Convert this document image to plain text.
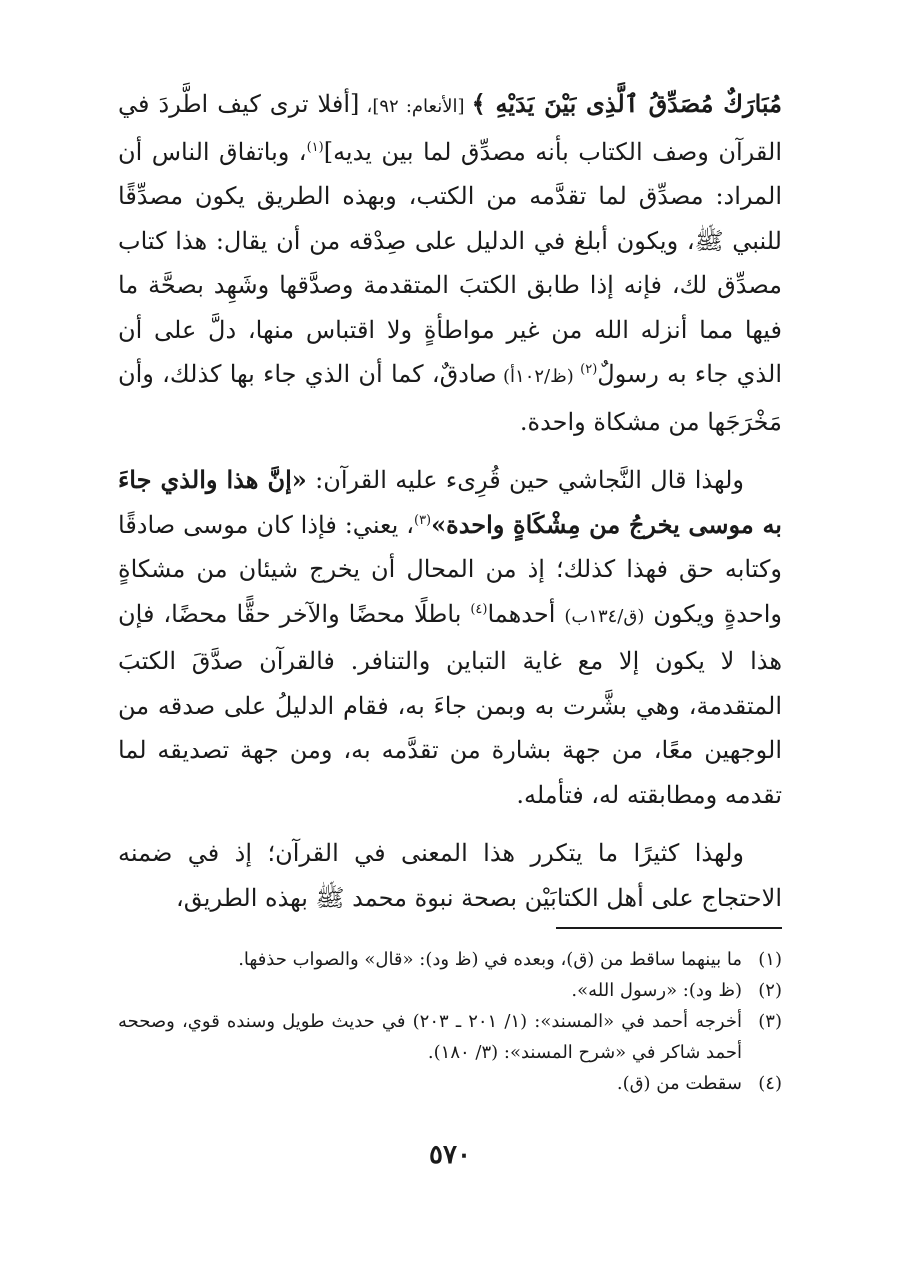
مُبَارَكٌ مُصَدِّقُ ٱلَّذِى بَيْنَ يَدَيْهِ ﴾ [الأنعام: ٩٢]، [أفلا ترى كيف اطَّردَ في القرآن وصف الكتاب بأنه مصدِّق لما بين يديه]$^{(١)}$، وباتفاق الناس أن المراد: مصدِّق لما تقدَّمه من الكتب، وبهذه الطريق يكون مصدِّقًا للنبي ﷺ، ويكون أبلغ في الدليل على صِدْقه من أن يقال: هذا كتاب مصدِّق لك، فإنه إذا طابق الكتبَ المتقدمة وصدَّقها وشَهِد بصحَّة ما فيها مما أنزله الله من غير مواطأةٍ ولا اقتباس منها، دلَّ على أن الذي جاء به رسولٌ$^{(٢)}$ (ظ/١٠٢أ) صادقٌ، كما أن الذي جاء بها كذلك، وأن مَخْرَجَها من مشكاة واحدة.

ولهذا قال النَّجاشي حين قُرِىء عليه القرآن: «إنَّ هذا والذي جاءَ به موسى يخرجُ من مِشْكَاةٍ واحدة»$^{(٣)}$، يعني: فإذا كان موسى صادقًا وكتابه حق فهذا كذلك؛ إذ من المحال أن يخرج شيئان من مشكاةٍ واحدةٍ ويكون (ق/١٣٤ب) أحدهما$^{(٤)}$ باطلًا محضًا والآخر حقًّا محضًا، فإن هذا لا يكون إلا مع غاية التباين والتنافر. فالقرآن صدَّقَ الكتبَ المتقدمة، وهي بشَّرت به وبمن جاءَ به، فقام الدليلُ على صدقه من الوجهين معًا، من جهة بشارة من تقدَّمه به، ومن جهة تصديقه لما تقدمه ومطابقته له، فتأمله.

ولهذا كثيرًا ما يتكرر هذا المعنى في القرآن؛ إذ في ضمنه الاحتجاج على أهل الكتابَيْن بصحة نبوة محمد ﷺ بهذه الطريق،

(١)
ما بينهما ساقط من (ق)، وبعده في (ظ ود): «قال» والصواب حذفها.
(٢)
(ظ ود): «رسول الله».
(٣)
أخرجه أحمد في «المسند»: (١/ ٢٠١ ـ ٢٠٣) في حديث طويل وسنده قوي، وصححه أحمد شاكر في «شرح المسند»: (٣/ ١٨٠).
(٤)
سقطت من (ق).
٥٧٠
